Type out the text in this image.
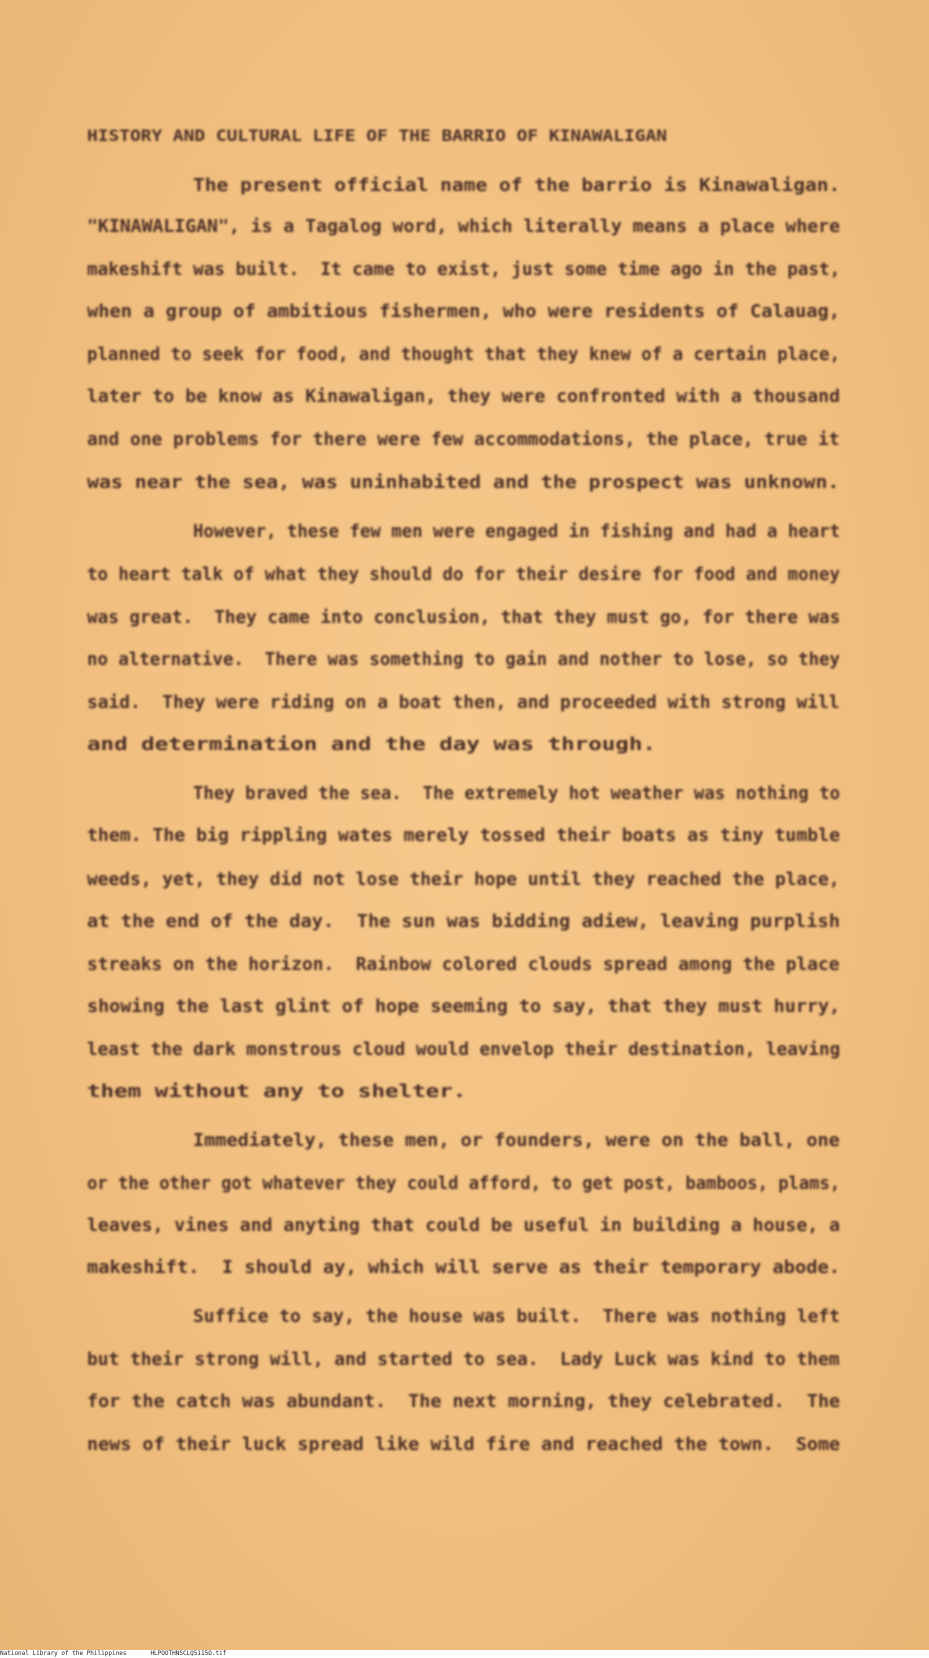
HISTORY AND CULTURAL LIFE OF THE BARRIO OF KINAWALIGAN
The present official name of the barrio is Kinawaligan.
"KINAWALIGAN", is a Tagalog word, which literally means a place where
makeshift was built.  It came to exist, just some time ago in the past,
when a group of ambitious fishermen, who were residents of Calauag,
planned to seek for food, and thought that they knew of a certain place,
later to be know as Kinawaligan, they were confronted with a thousand
and one problems for there were few accommodations, the place, true it
was near the sea, was uninhabited and the prospect was unknown.
However, these few men were engaged in fishing and had a heart
to heart talk of what they should do for their desire for food and money
was great.  They came into conclusion, that they must go, for there was
no alternative.  There was something to gain and nother to lose, so they
said.  They were riding on a boat then, and proceeded with strong will
and determination and the day was through.
They braved the sea.  The extremely hot weather was nothing to
them. The big rippling wates merely tossed their boats as tiny tumble
weeds, yet, they did not lose their hope until they reached the place,
at the end of the day.  The sun was bidding adiew, leaving purplish
streaks on the horizon.  Rainbow colored clouds spread among the place
showing the last glint of hope seeming to say, that they must hurry,
least the dark monstrous cloud would envelop their destination, leaving
them without any to shelter.
Immediately, these men, or founders, were on the ball, one
or the other got whatever they could afford, to get post, bamboos, plams,
leaves, vines and anyting that could be useful in building a house, a
makeshift.  I should ay, which will serve as their temporary abode.
Suffice to say, the house was built.  There was nothing left
but their strong will, and started to sea.  Lady Luck was kind to them
for the catch was abundant.  The next morning, they celebrated.  The
news of their luck spread like wild fire and reached the town.  Some
National Library of the Philippines	HLPOOTHNSCLQ5115O.tif
